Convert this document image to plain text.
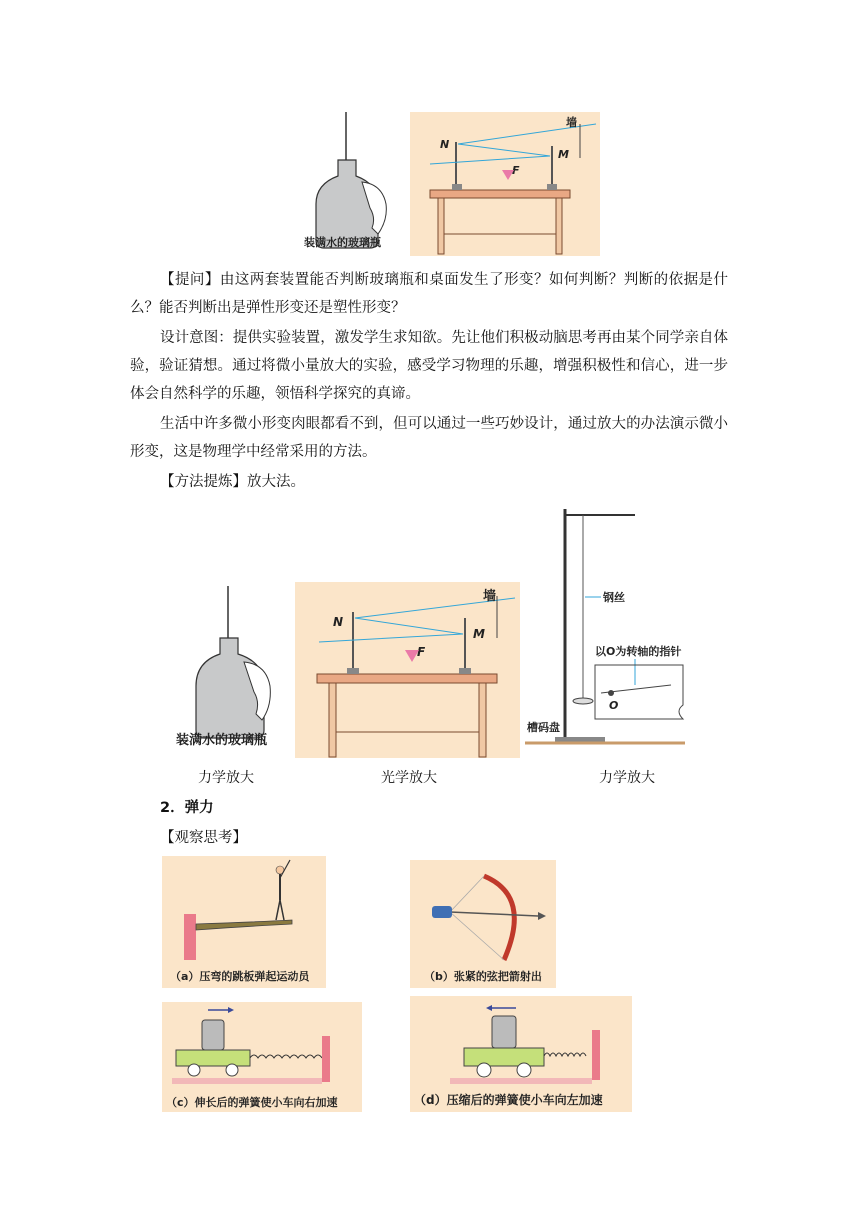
装满水的玻璃瓶
墙
N
M
F
【提问】由这两套装置能否判断玻璃瓶和桌面发生了形变？如何判断？判断的依据是什么？能否判断出是弹性形变还是塑性形变？
设计意图：提供实验装置，激发学生求知欲。先让他们积极动脑思考再由某个同学亲自体验，验证猜想。通过将微小量放大的实验，感受学习物理的乐趣，增强积极性和信心，进一步体会自然科学的乐趣，领悟科学探究的真谛。
生活中许多微小形变肉眼都看不到，但可以通过一些巧妙设计，通过放大的办法演示微小形变，这是物理学中经常采用的方法。
【方法提炼】放大法。
装满水的玻璃瓶
墙
N
M
F
钢丝
以O为转轴的指针
O
槽码盘
力学放大	光学放大	力学放大
2．弹力
【观察思考】
（a）压弯的跳板弹起运动员	（b）张紧的弦把箭射出
（c）伸长后的弹簧使小车向右加速	（d）压缩后的弹簧使小车向左加速
